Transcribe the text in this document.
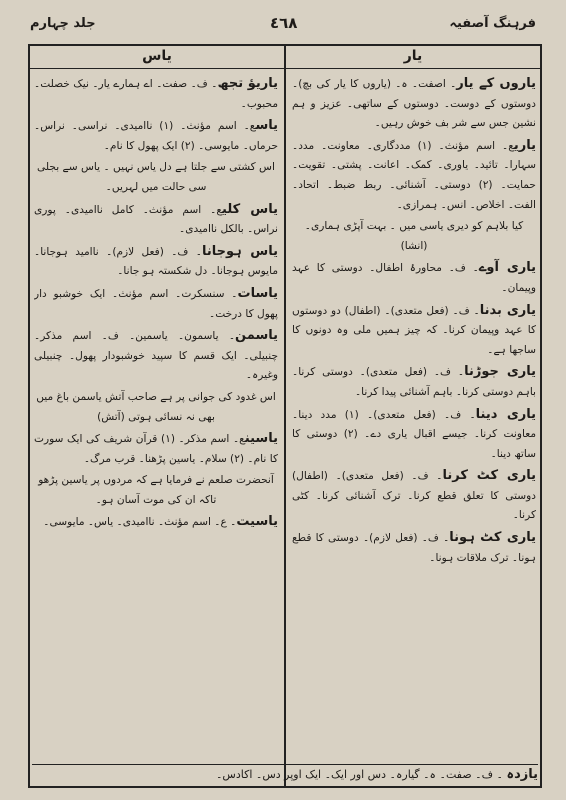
فرہنگ آصفیہ
٤٦٨
جلد چہارم
یار
یاس

یاروں کے یار۔ اصفت۔ ہ۔ (یاروں کا یار کی بچ)۔ دوستوں کے دوست۔ دوستوں کے ساتھی۔ عزیز و ہم نشین جس سے شر بف خوش رہیں۔

یاریع۔ اسم مؤنث۔ (۱) مددگاری۔ معاونت۔ مدد۔ سہارا۔ تائید۔ یاوری۔ کمک۔ اعانت۔ پشتی۔ تقویت۔ حمایت۔ (۲) دوستی۔ آشنائی۔ ربط ضبط۔ اتحاد۔ الفت۔ اخلاص۔ انس۔ ہمرازی۔

کیا بلاہم کو دیری یاسی میں ۔ بہت آپڑی ہماری۔ (انشا)

یاری آوے۔ ف۔ محاورۂ اطفال۔ دوستی کا عہد وپیمان۔

یاری بدنا۔ ف۔ (فعل متعدی)۔ (اطفال) دو دوستوں کا عہد وپیمان کرنا۔ کہ چیز ہمیں ملی وہ دونوں کا ساجھا ہے۔

یاری جوڑنا۔ ف۔ (فعل متعدی)۔ دوستی کرنا۔ باہم دوستی کرنا۔ باہم آشنائی پیدا کرنا۔

یاری دینا۔ ف۔ (فعل متعدی)۔ (۱) مدد دینا۔ معاونت کرنا۔ جیسے اقبال یاری دے۔ (۲) دوستی کا ساتھ دینا۔

یاری کٹ کرنا۔ ف۔ (فعل متعدی)۔ (اطفال) دوستی کا تعلق قطع کرنا۔ ترک آشنائی کرنا۔ کٹی کرنا۔

یاری کٹ ہونا۔ ف۔ (فعل لازم)۔ دوستی کا قطع ہونا۔ ترک ملاقات ہونا۔

یاریؤ تجھ۔ ف۔ صفت۔ اے ہمارے یار۔ نیک خصلت۔ محبوب۔

یاسع۔ اسم مؤنث۔ (۱) ناامیدی۔ نراسی۔ نراس۔ حرماں۔ مایوسی۔ (۲) ایک پھول کا نام۔

اس کشتی سے جلتا ہے دل یاس نہیں ۔ یاس سے بجلی سی حالت میں لہریں۔

یاس کلیع۔ اسم مؤنث۔ کامل ناامیدی۔ پوری نراس۔ بالکل ناامیدی۔

یاس ہوجانا۔ ف۔ (فعل لازم)۔ ناامید ہوجانا۔ مایوس ہوجانا۔ دل شکستہ ہو جانا۔

یاسات۔ سنسکرت۔ اسم مؤنث۔ ایک خوشبو دار پھول کا درخت۔

یاسمن۔ یاسمون۔ یاسمین۔ ف۔ اسم مذکر۔ چنبیلی۔ ایک قسم کا سپید خوشبودار پھول۔ چنبیلی وغیرہ۔

اس غدود کی جوانی پر ہے صاحب آتش یاسمن باغ میں بھی نہ نسائی ہوتی (آتش)

یاسینع۔ اسم مذکر۔ (۱) قرآن شریف کی ایک سورت کا نام۔ (۲) سلام۔ یاسین پڑھنا۔ قرب مرگ۔

آنحضرت صلعم نے فرمایا ہے کہ مردوں پر یاسین پڑھو تاکہ ان کی موت آسان ہو۔

یاسیت۔ ع۔ اسم مؤنث۔ ناامیدی۔ یاس۔ مایوسی۔

یازدہ ۔ ف۔ صفت۔ ہ۔ گیارہ۔ دس اور ایک۔ ایک اوپر دس۔ اکادس۔
